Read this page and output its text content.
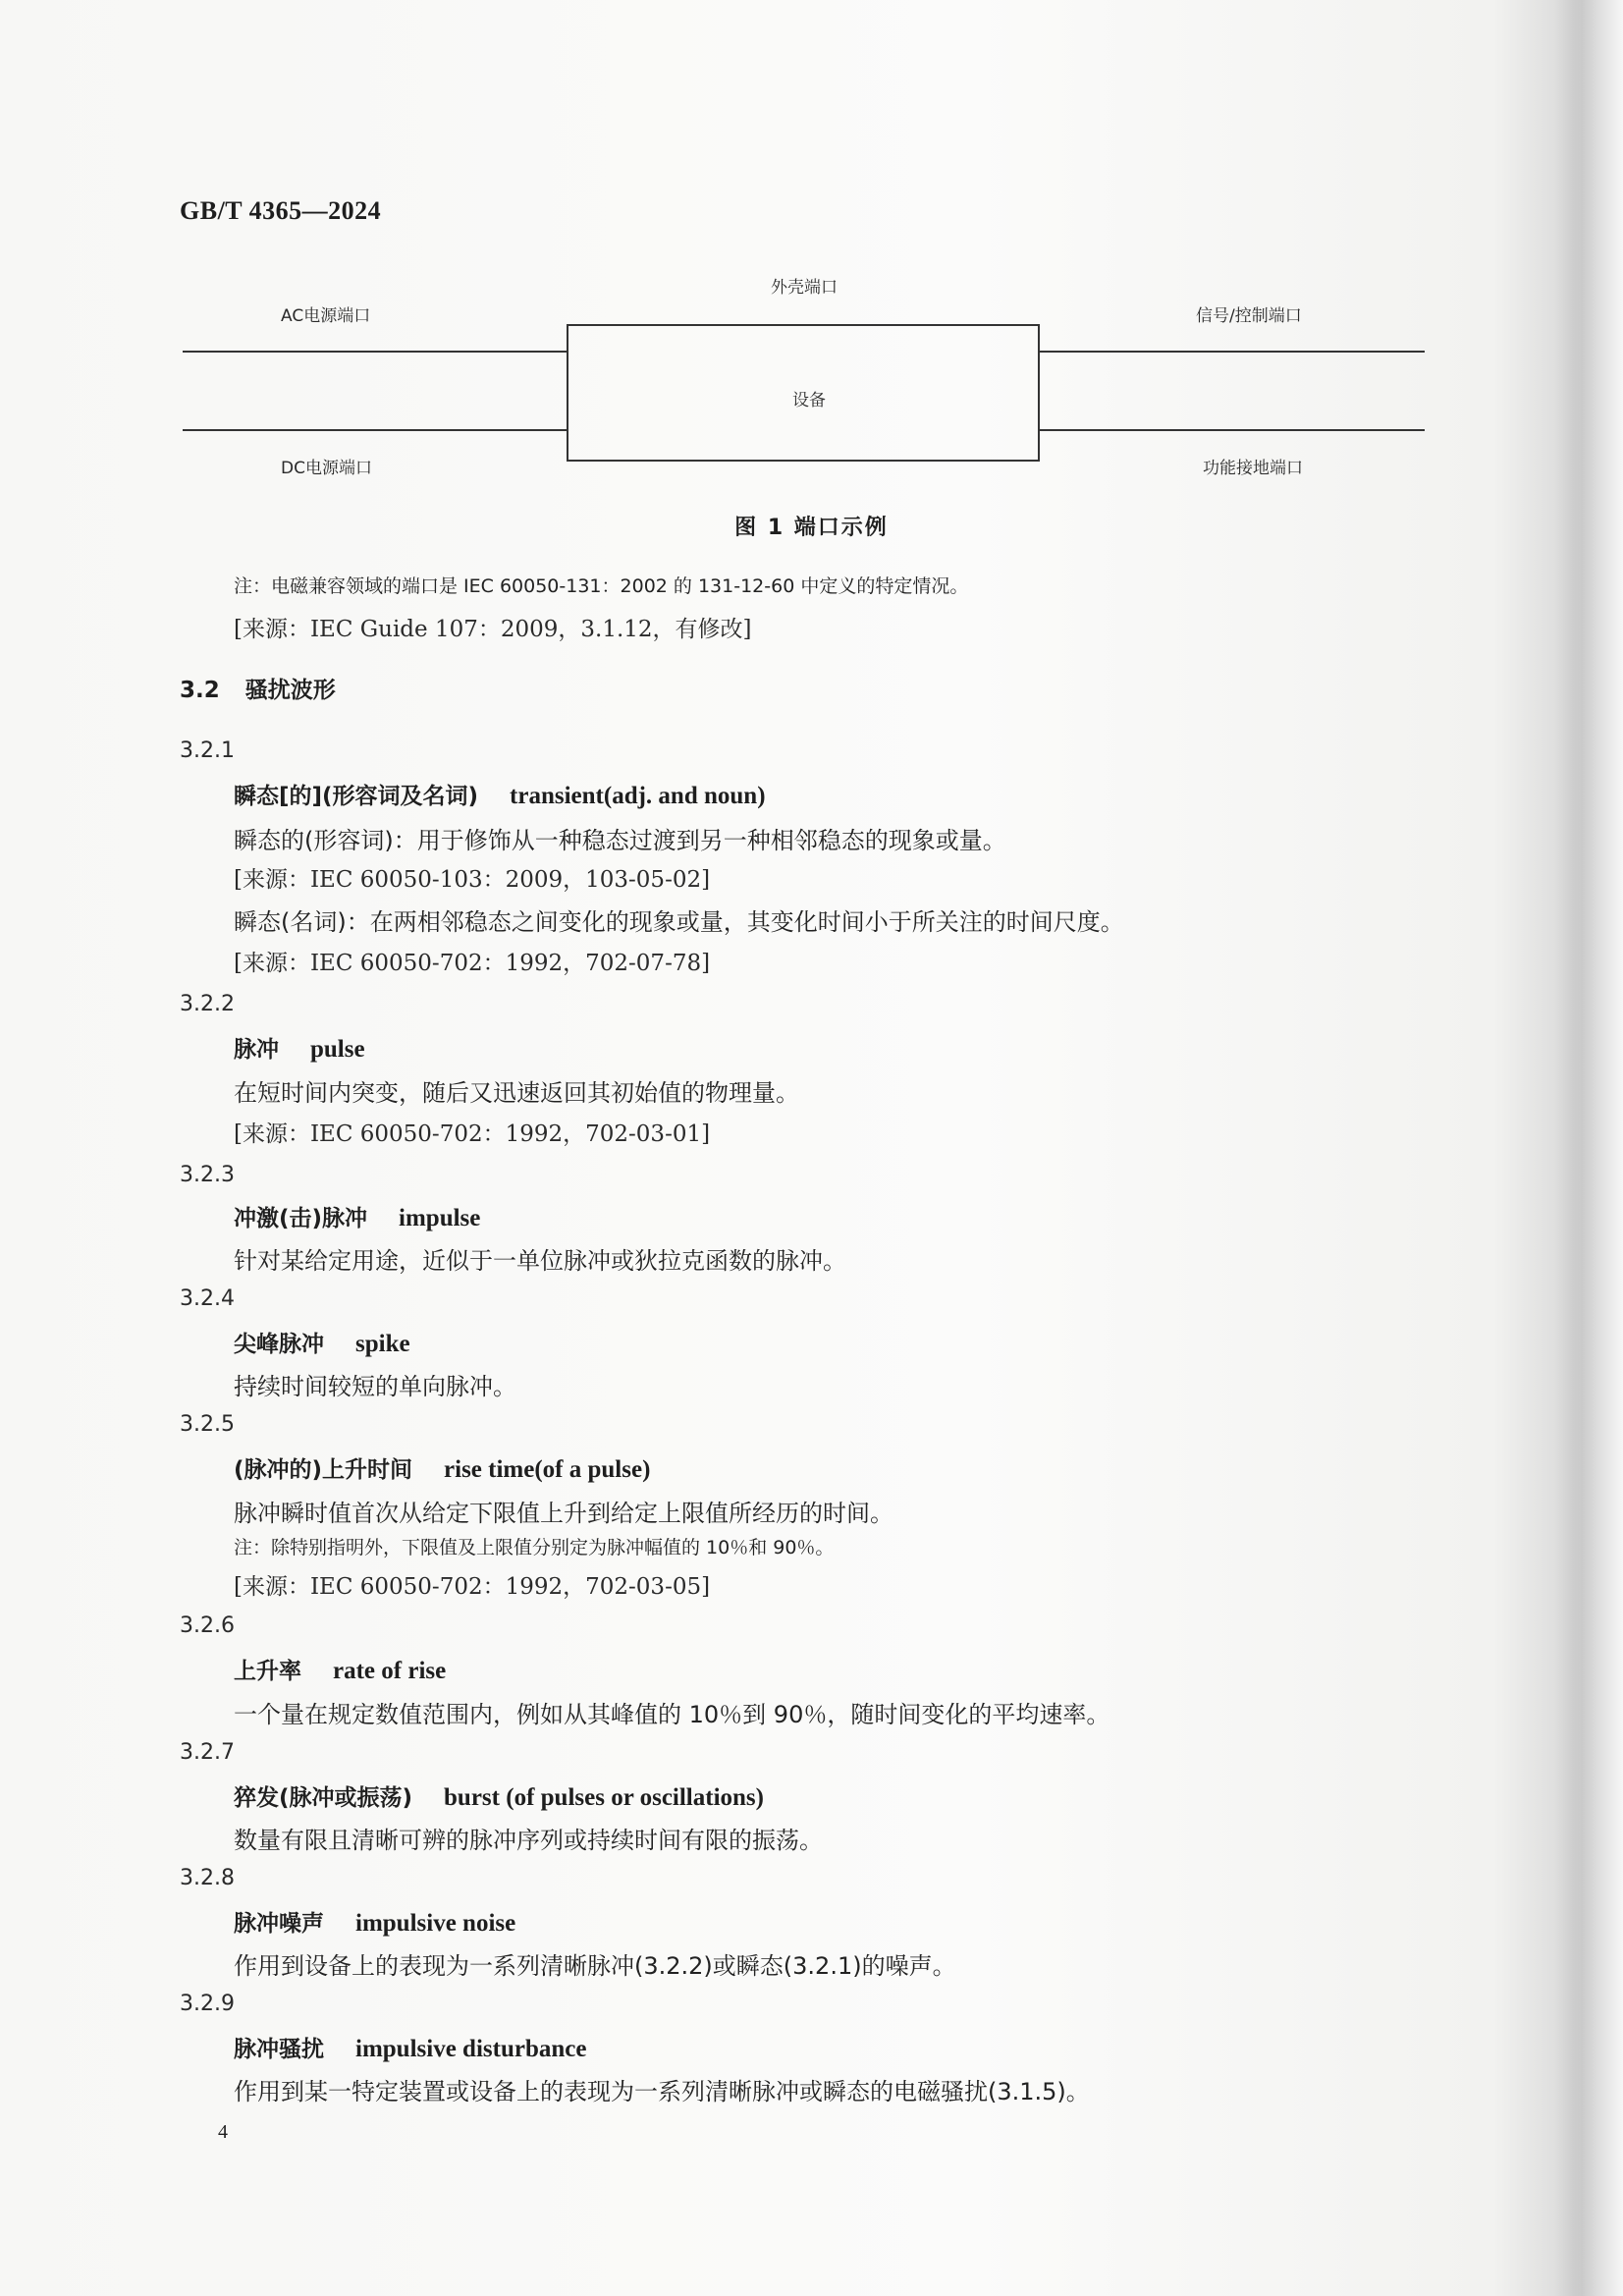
GB/T 4365—2024
外壳端口
AC电源端口	信号/控制端口
设备
DC电源端口	功能接地端口
图 1 端口示例
注：电磁兼容领域的端口是 IEC 60050-131：2002 的 131-12-60 中定义的特定情况。
[来源：IEC Guide 107：2009，3.1.12，有修改]
3.2 骚扰波形
3.2.1
瞬态[的](形容词及名词) transient(adj. and noun)
瞬态的(形容词)：用于修饰从一种稳态过渡到另一种相邻稳态的现象或量。
[来源：IEC 60050-103：2009，103-05-02]
瞬态(名词)：在两相邻稳态之间变化的现象或量，其变化时间小于所关注的时间尺度。
[来源：IEC 60050-702：1992，702-07-78]
3.2.2
脉冲 pulse
在短时间内突变，随后又迅速返回其初始值的物理量。
[来源：IEC 60050-702：1992，702-03-01]
3.2.3
冲激(击)脉冲 impulse
针对某给定用途，近似于一单位脉冲或狄拉克函数的脉冲。
3.2.4
尖峰脉冲 spike
持续时间较短的单向脉冲。
3.2.5
(脉冲的)上升时间 rise time(of a pulse)
脉冲瞬时值首次从给定下限值上升到给定上限值所经历的时间。
注：除特别指明外，下限值及上限值分别定为脉冲幅值的 10％和 90％。
[来源：IEC 60050-702：1992，702-03-05]
3.2.6
上升率 rate of rise
一个量在规定数值范围内，例如从其峰值的 10％到 90％，随时间变化的平均速率。
3.2.7
猝发(脉冲或振荡) burst (of pulses or oscillations)
数量有限且清晰可辨的脉冲序列或持续时间有限的振荡。
3.2.8
脉冲噪声 impulsive noise
作用到设备上的表现为一系列清晰脉冲(3.2.2)或瞬态(3.2.1)的噪声。
3.2.9
脉冲骚扰 impulsive disturbance
作用到某一特定装置或设备上的表现为一系列清晰脉冲或瞬态的电磁骚扰(3.1.5)。
4
